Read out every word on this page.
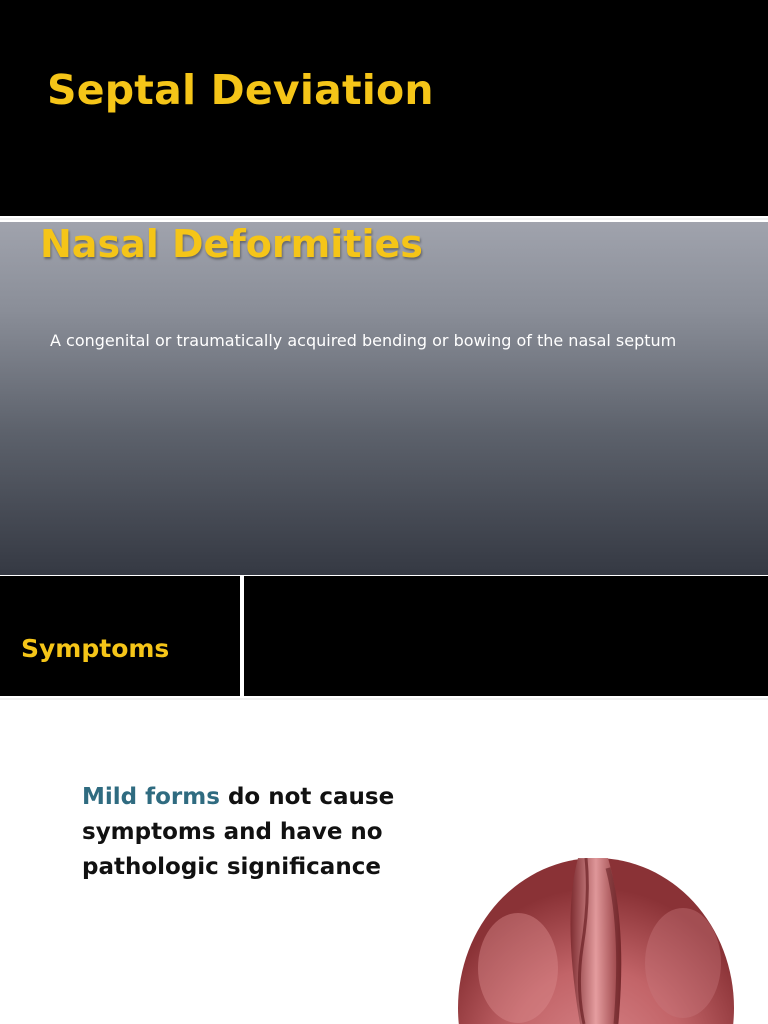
Septal Deviation
Nasal Deformities

A congenital or traumatically acquired bending or bowing of the nasal septum

Symptoms

Mild forms do not cause symptoms and have no pathologic significance
